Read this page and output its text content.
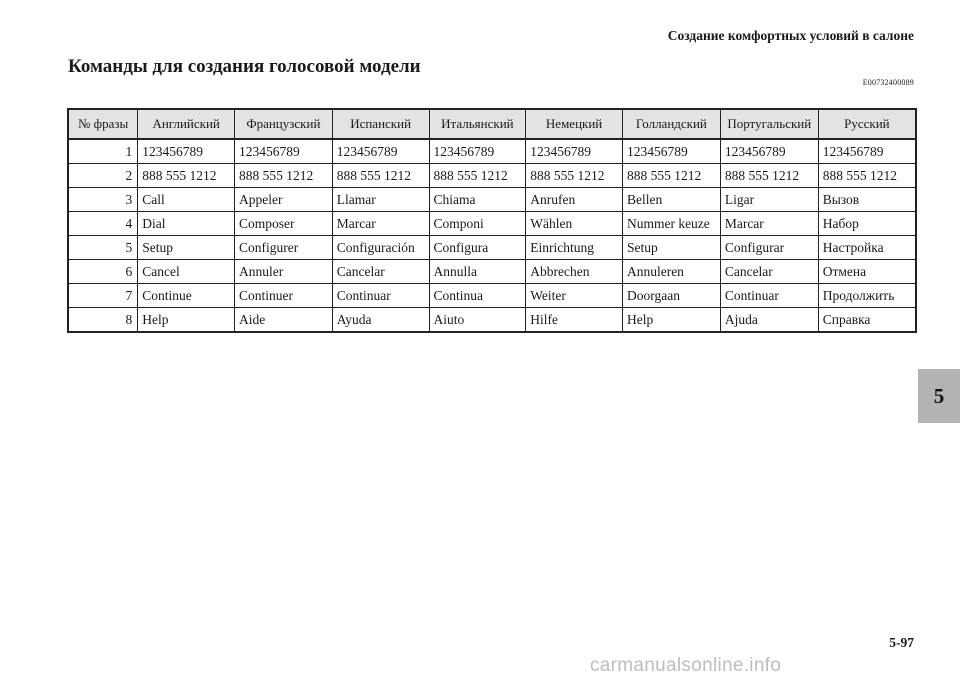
Создание комфортных условий в салоне
Команды для создания голосовой модели
E00732400089
№ фразы	Английский	Французский	Испанский	Итальянский	Немецкий	Голландский	Португальский	Русский
1	123456789	123456789	123456789	123456789	123456789	123456789	123456789	123456789
2	888 555 1212	888 555 1212	888 555 1212	888 555 1212	888 555 1212	888 555 1212	888 555 1212	888 555 1212
3	Call	Appeler	Llamar	Chiama	Anrufen	Bellen	Ligar	Вызов
4	Dial	Composer	Marcar	Componi	Wählen	Nummer keuze	Marcar	Набор
5	Setup	Configurer	Configuración	Configura	Einrichtung	Setup	Configurar	Настройка
6	Cancel	Annuler	Cancelar	Annulla	Abbrechen	Annuleren	Cancelar	Отмена
7	Continue	Continuer	Continuar	Continua	Weiter	Doorgaan	Continuar	Продолжить
8	Help	Aide	Ayuda	Aiuto	Hilfe	Help	Ajuda	Справка
5
5-97
carmanualsonline.info
